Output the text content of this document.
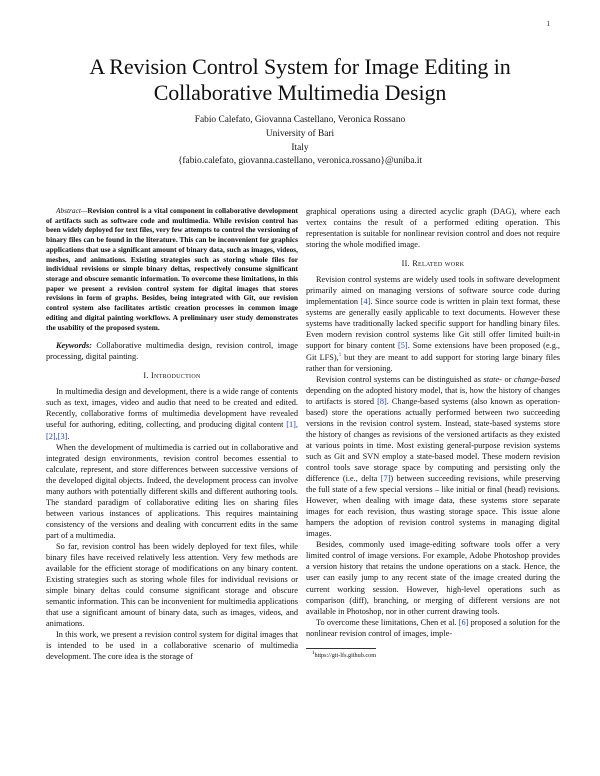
1
A Revision Control System for Image Editing in
Collaborative Multimedia Design
Fabio Calefato, Giovanna Castellano, Veronica Rossano
University of Bari
Italy
{fabio.calefato, giovanna.castellano, veronica.rossano}@uniba.it

Abstract—Revision control is a vital component in collaborative development of artifacts such as software code and multimedia. While revision control has been widely deployed for text files, very few attempts to control the versioning of binary files can be found in the literature. This can be inconvenient for graphics applications that use a significant amount of binary data, such as images, videos, meshes, and animations. Existing strategies such as storing whole files for individual revisions or simple binary deltas, respectively consume significant storage and obscure semantic information. To overcome these limitations, in this paper we present a revision control system for digital images that stores revisions in form of graphs. Besides, being integrated with Git, our revision control system also facilitates artistic creation processes in common image editing and digital painting workflows. A preliminary user study demonstrates the usability of the proposed system.

Keywords: Collaborative multimedia design, revision control, image processing, digital painting.

I. Introduction

In multimedia design and development, there is a wide range of contents such as text, images, video and audio that need to be created and edited. Recently, collaborative forms of multimedia development have revealed useful for authoring, editing, collecting, and producing digital content [1],[2],[3].

When the development of multimedia is carried out in collaborative and integrated design environments, revision control becomes essential to calculate, represent, and store differences between successive versions of the developed digital objects. Indeed, the development process can involve many authors with potentially different skills and different authoring tools. The standard paradigm of collaborative editing lies on sharing files between various instances of applications. This requires maintaining consistency of the versions and dealing with concurrent edits in the same part of a multimedia.

So far, revision control has been widely deployed for text files, while binary files have received relatively less attention. Very few methods are available for the efficient storage of modifications on any binary content. Existing strategies such as storing whole files for individual revisions or simple binary deltas could consume significant storage and obscure semantic information. This can be inconvenient for multimedia applications that use a significant amount of binary data, such as images, videos, and animations.

In this work, we present a revision control system for digital images that is intended to be used in a collaborative scenario of multimedia development. The core idea is the storage of

graphical operations using a directed acyclic graph (DAG), where each vertex contains the result of a performed editing operation. This representation is suitable for nonlinear revision control and does not require storing the whole modified image.

II. Related work

Revision control systems are widely used tools in software development primarily aimed on managing versions of software source code during implementation [4]. Since source code is written in plain text format, these systems are generally easily applicable to text documents. However these systems have traditionally lacked specific support for handling binary files. Even modern revision control systems like Git still offer limited built-in support for binary content [5]. Some extensions have been proposed (e.g., Git LFS),$^1$ but they are meant to add support for storing large binary files rather than for versioning.

Revision control systems can be distinguished as state- or change-based depending on the adopted history model, that is, how the history of changes to artifacts is stored [8]. Change-based systems (also known as operation-based) store the operations actually performed between two succeeding versions in the revision control system. Instead, state-based systems store the history of changes as revisions of the versioned artifacts as they existed at various points in time. Most existing general-purpose revision systems such as Git and SVN employ a state-based model. These modern revision control tools save storage space by computing and persisting only the difference (i.e., delta [7]) between succeeding revisions, while preserving the full state of a few special versions – like initial or final (head) revisions. However, when dealing with image data, these systems store separate images for each revision, thus wasting storage space. This issue alone hampers the adoption of revision control systems in managing digital images.

Besides, commonly used image-editing software tools offer a very limited control of image versions. For example, Adobe Photoshop provides a version history that retains the undone operations on a stack. Hence, the user can easily jump to any recent state of the image created during the current working session. However, high-level operations such as comparison (diff), branching, or merging of different versions are not available in Photoshop, nor in other current drawing tools.

To overcome these limitations, Chen et al. [6] proposed a solution for the nonlinear revision control of images, imple-

$^1$https://git-lfs.github.com
